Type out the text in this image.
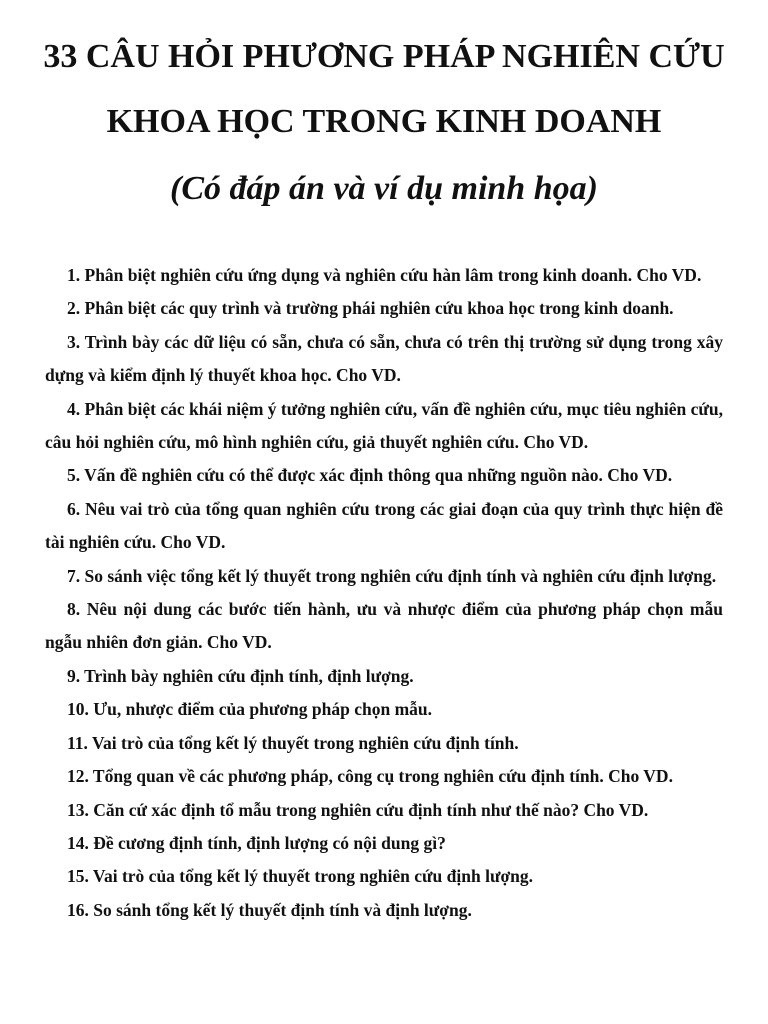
33 CÂU HỎI PHƯƠNG PHÁP NGHIÊN CỨU
KHOA HỌC TRONG KINH DOANH
(Có đáp án và ví dụ minh họa)

1. Phân biệt nghiên cứu ứng dụng và nghiên cứu hàn lâm trong kinh doanh. Cho VD.

2. Phân biệt các quy trình và trường phái nghiên cứu khoa học trong kinh doanh.

3. Trình bày các dữ liệu có sẵn, chưa có sẵn, chưa có trên thị trường sử dụng trong xây dựng và kiểm định lý thuyết khoa học. Cho VD.

4. Phân biệt các khái niệm ý tưởng nghiên cứu, vấn đề nghiên cứu, mục tiêu nghiên cứu, câu hỏi nghiên cứu, mô hình nghiên cứu, giả thuyết nghiên cứu. Cho VD.

5. Vấn đề nghiên cứu có thể được xác định thông qua những nguồn nào. Cho VD.

6. Nêu vai trò của tổng quan nghiên cứu trong các giai đoạn của quy trình thực hiện đề tài nghiên cứu. Cho VD.

7. So sánh việc tổng kết lý thuyết trong nghiên cứu định tính và nghiên cứu định lượng.

8. Nêu nội dung các bước tiến hành, ưu và nhược điểm của phương pháp chọn mẫu ngẫu nhiên đơn giản. Cho VD.

9. Trình bày nghiên cứu định tính, định lượng.

10. Ưu, nhược điểm của phương pháp chọn mẫu.

11. Vai trò của tổng kết lý thuyết trong nghiên cứu định tính.

12. Tổng quan về các phương pháp, công cụ trong nghiên cứu định tính. Cho VD.

13. Căn cứ xác định tổ mẫu trong nghiên cứu định tính như thế nào? Cho VD.

14. Đề cương định tính, định lượng có nội dung gì?

15. Vai trò của tổng kết lý thuyết trong nghiên cứu định lượng.

16. So sánh tổng kết lý thuyết định tính và định lượng.
